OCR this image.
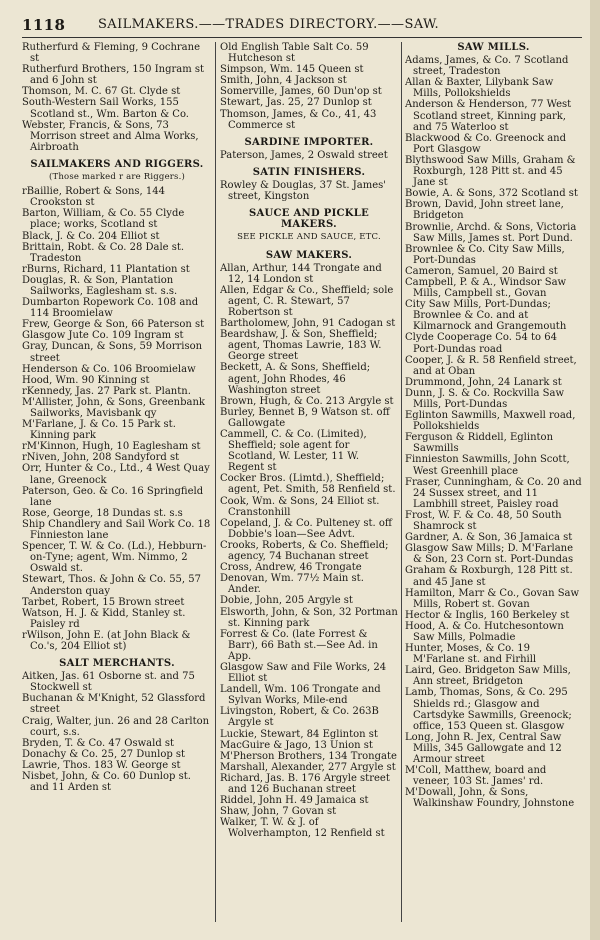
1118	SAILMAKERS.——TRADES DIRECTORY.——SAW.

Rutherfurd & Fleming, 9 Cochrane st

Rutherfurd Brothers, 150 Ingram st and 6 John st

Thomson, M. C. 67 Gt. Clyde st

South-Western Sail Works, 155 Scotland st., Wm. Barton & Co.

Webster, Francis, & Sons, 73 Morrison street and Alma Works, Airbroath

SAILMAKERS AND RIGGERS.
(Those marked r are Riggers.)

rBaillie, Robert & Sons, 144 Crookston st

Barton, William, & Co. 55 Clyde place; works, Scotland st

Black, J. & Co. 204 Elliot st

Brittain, Robt. & Co. 28 Dale st. Tradeston

rBurns, Richard, 11 Plantation st

Douglas, R. & Son, Plantation Sailworks, Eaglesham st. s.s.

Dumbarton Ropework Co. 108 and 114 Broomielaw

Frew, George & Son, 66 Paterson st

Glasgow Jute Co. 109 Ingram st

Gray, Duncan, & Sons, 59 Morrison street

Henderson & Co. 106 Broomielaw

Hood, Wm. 90 Kinning st

rKennedy, Jas. 27 Park st. Plantn.

M'Allister, John, & Sons, Greenbank Sailworks, Mavisbank qy

M'Farlane, J. & Co. 15 Park st. Kinning park

rM'Kinnon, Hugh, 10 Eaglesham st

rNiven, John, 208 Sandyford st

Orr, Hunter & Co., Ltd., 4 West Quay lane, Greenock

Paterson, Geo. & Co. 16 Springfield lane

Rose, George, 18 Dundas st. s.s

Ship Chandlery and Sail Work Co. 18 Finnieston lane

Spencer, T. W. & Co. (Ld.), Hebburn-on-Tyne; agent, Wm. Nimmo, 2 Oswald st.

Stewart, Thos. & John & Co. 55, 57 Anderston quay

Tarbet, Robert, 15 Brown street

Watson, H. J. & Kidd, Stanley st. Paisley rd

rWilson, John E. (at John Black & Co.'s, 204 Elliot st)

SALT MERCHANTS.

Aitken, Jas. 61 Osborne st. and 75 Stockwell st

Buchanan & M'Knight, 52 Glassford street

Craig, Walter, jun. 26 and 28 Carlton court, s.s.

Bryden, T. & Co. 47 Oswald st

Donachy & Co. 25, 27 Dunlop st

Lawrie, Thos. 183 W. George st

Nisbet, John, & Co. 60 Dunlop st. and 11 Arden st

Old English Table Salt Co. 59 Hutcheson st

Simpson, Wm. 145 Queen st

Smith, John, 4 Jackson st

Somerville, James, 60 Dun'op st

Stewart, Jas. 25, 27 Dunlop st

Thomson, James, & Co., 41, 43 Commerce st

SARDINE IMPORTER.

Paterson, James, 2 Oswald street

SATIN FINISHERS.

Rowley & Douglas, 37 St. James' street, Kingston

SAUCE AND PICKLE MAKERS.
SEE PICKLE AND SAUCE, ETC.
SAW MAKERS.

Allan, Arthur, 144 Trongate and 12, 14 London st

Allen, Edgar & Co., Sheffield; sole agent, C. R. Stewart, 57 Robertson st

Bartholomew, John, 91 Cadogan st

Beardshaw, J. & Son, Sheffield; agent, Thomas Lawrie, 183 W. George street

Beckett, A. & Sons, Sheffield; agent, John Rhodes, 46 Washington street

Brown, Hugh, & Co. 213 Argyle st

Burley, Bennet B, 9 Watson st. off Gallowgate

Cammell, C. & Co. (Limited), Sheffield; sole agent for Scotland, W. Lester, 11 W. Regent st

Cocker Bros. (Limtd.), Sheffield; agent, Pet. Smith, 58 Renfield st.

Cook, Wm. & Sons, 24 Elliot st. Cranstonhill

Copeland, J. & Co. Pulteney st. off Dobbie's loan—See Advt.

Crooks, Roberts, & Co. Sheffield; agency, 74 Buchanan street

Cross, Andrew, 46 Trongate

Denovan, Wm. 77½ Main st. Ander.

Dobie, John, 205 Argyle st

Elsworth, John, & Son, 32 Portman st. Kinning park

Forrest & Co. (late Forrest & Barr), 66 Bath st.—See Ad. in App.

Glasgow Saw and File Works, 24 Elliot st

Landell, Wm. 106 Trongate and Sylvan Works, Mile-end

Livingston, Robert, & Co. 263B Argyle st

Luckie, Stewart, 84 Eglinton st

MacGuire & Jago, 13 Union st

M'Pherson Brothers, 134 Trongate

Marshall, Alexander, 277 Argyle st

Richard, Jas. B. 176 Argyle street and 126 Buchanan street

Riddel, John H. 49 Jamaica st

Shaw, John, 7 Govan st

Walker, T. W. & J. of Wolverhampton, 12 Renfield st

SAW MILLS.

Adams, James, & Co. 7 Scotland street, Tradeston

Allan & Baxter, Lilybank Saw Mills, Pollokshields

Anderson & Henderson, 77 West Scotland street, Kinning park, and 75 Waterloo st

Blackwood & Co. Greenock and Port Glasgow

Blythswood Saw Mills, Graham & Roxburgh, 128 Pitt st. and 45 Jane st

Bowie, A. & Sons, 372 Scotland st

Brown, David, John street lane, Bridgeton

Brownlie, Archd. & Sons, Victoria Saw Mills, James st. Port Dund.

Brownlee & Co. City Saw Mills, Port-Dundas

Cameron, Samuel, 20 Baird st

Campbell, P. & A., Windsor Saw Mills, Campbell st., Govan

City Saw Mills, Port-Dundas; Brownlee & Co. and at Kilmarnock and Grangemouth

Clyde Cooperage Co. 54 to 64 Port-Dundas road

Cooper, J. & R. 58 Renfield street, and at Oban

Drummond, John, 24 Lanark st

Dunn, J. S. & Co. Rockvilla Saw Mills, Port-Dundas

Eglinton Sawmills, Maxwell road, Pollokshields

Ferguson & Riddell, Eglinton Sawmills

Finnieston Sawmills, John Scott, West Greenhill place

Fraser, Cunningham, & Co. 20 and 24 Sussex street, and 11 Lambhill street, Paisley road

Frost, W. F. & Co. 48, 50 South Shamrock st

Gardner, A. & Son, 36 Jamaica st

Glasgow Saw Mills; D. M'Farlane & Son, 23 Corn st. Port-Dundas

Graham & Roxburgh, 128 Pitt st. and 45 Jane st

Hamilton, Marr & Co., Govan Saw Mills, Robert st. Govan

Hector & Inglis, 160 Berkeley st

Hood, A. & Co. Hutchesontown Saw Mills, Polmadie

Hunter, Moses, & Co. 19 M'Farlane st. and Firhill

Laird, Geo. Bridgeton Saw Mills, Ann street, Bridgeton

Lamb, Thomas, Sons, & Co. 295 Shields rd.; Glasgow and Cartsdyke Sawmills, Greenock; office, 153 Queen st. Glasgow

Long, John R. Jex, Central Saw Mills, 345 Gallowgate and 12 Armour street

M'Coll, Matthew, board and veneer, 103 St. James' rd.

M'Dowall, John, & Sons, Walkinshaw Foundry, Johnstone
